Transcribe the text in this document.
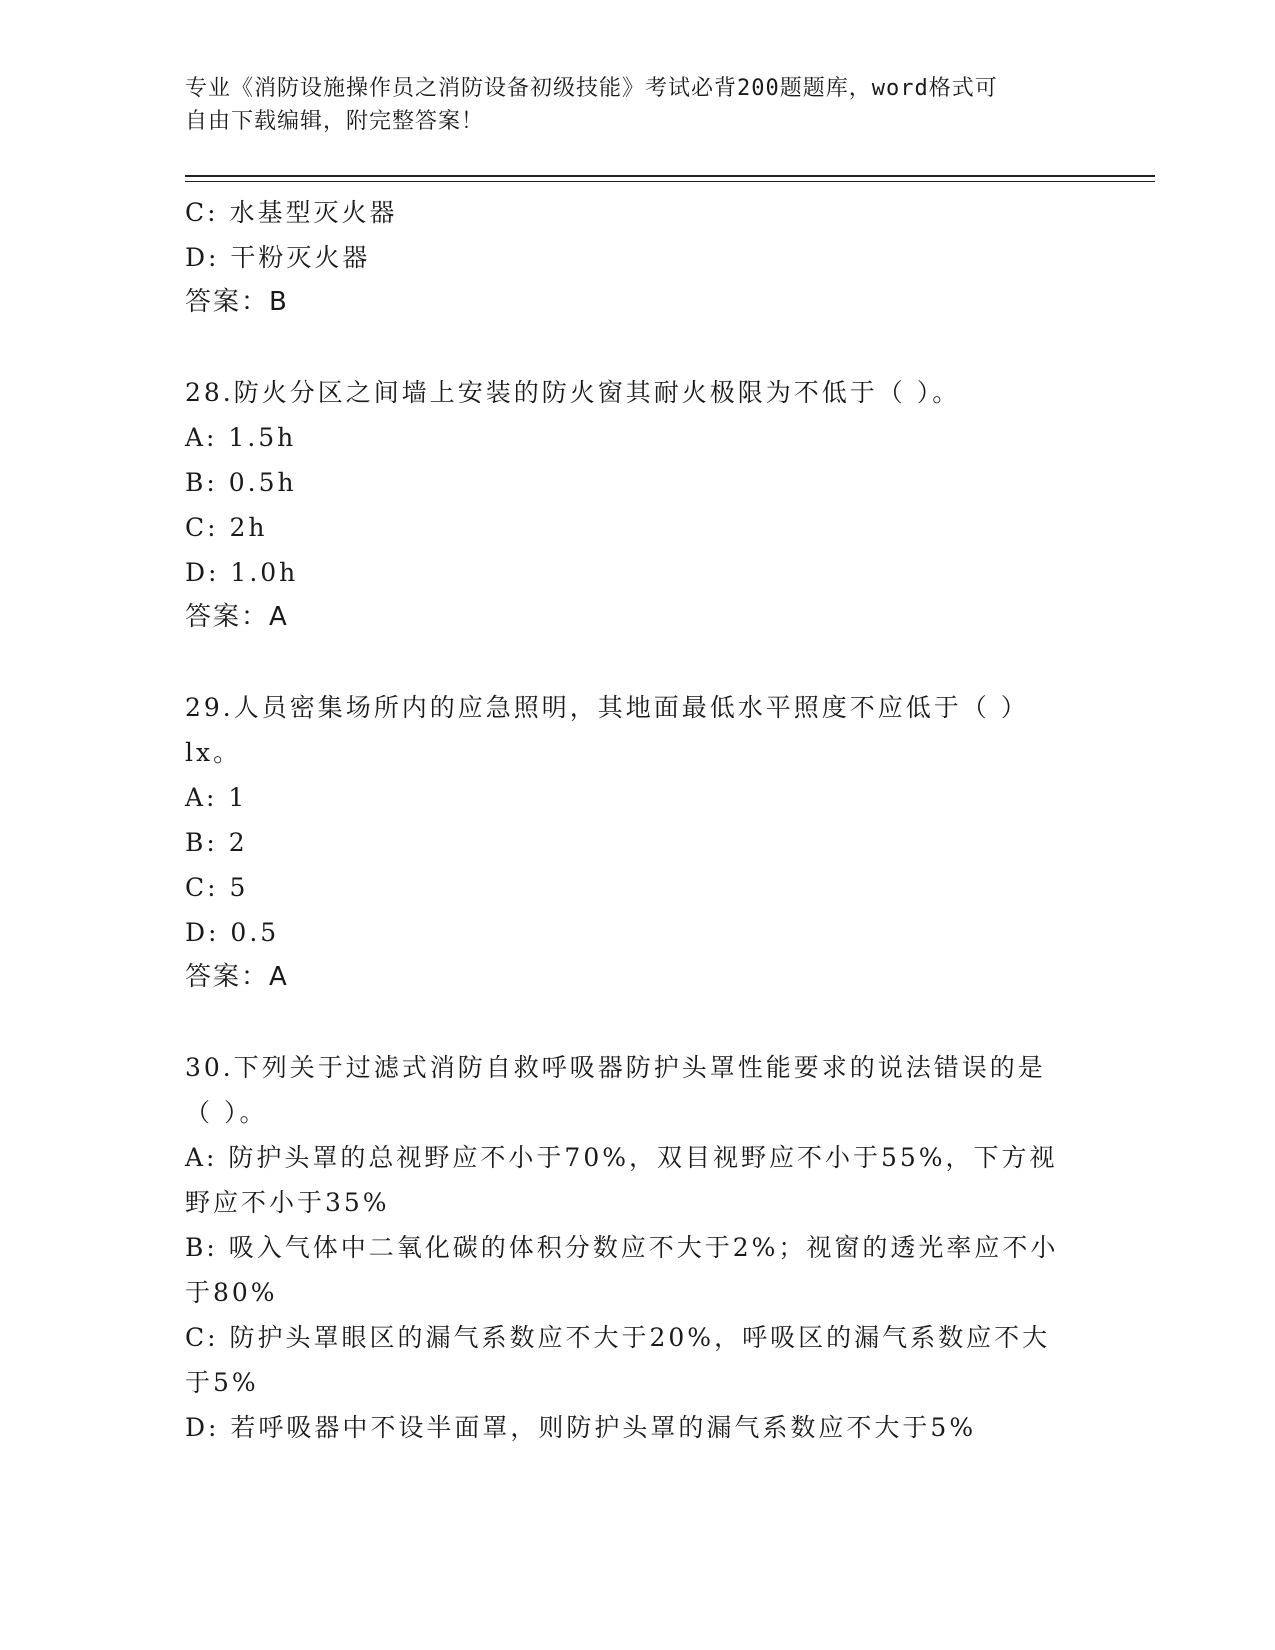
专业《消防设施操作员之消防设备初级技能》考试必背200题题库，word格式可
自由下载编辑，附完整答案！
C: 水基型灭火器
D: 干粉灭火器
答案：B
28.防火分区之间墙上安装的防火窗其耐火极限为不低于（ ）。
A: 1.5h
B: 0.5h
C: 2h
D: 1.0h
答案：A
29.人员密集场所内的应急照明，其地面最低水平照度不应低于（ ）
lx。
A: 1
B: 2
C: 5
D: 0.5
答案：A
30.下列关于过滤式消防自救呼吸器防护头罩性能要求的说法错误的是
（ ）。
A: 防护头罩的总视野应不小于70%，双目视野应不小于55%，下方视
野应不小于35%
B: 吸入气体中二氧化碳的体积分数应不大于2%；视窗的透光率应不小
于80%
C: 防护头罩眼区的漏气系数应不大于20%，呼吸区的漏气系数应不大
于5%
D: 若呼吸器中不设半面罩，则防护头罩的漏气系数应不大于5%
